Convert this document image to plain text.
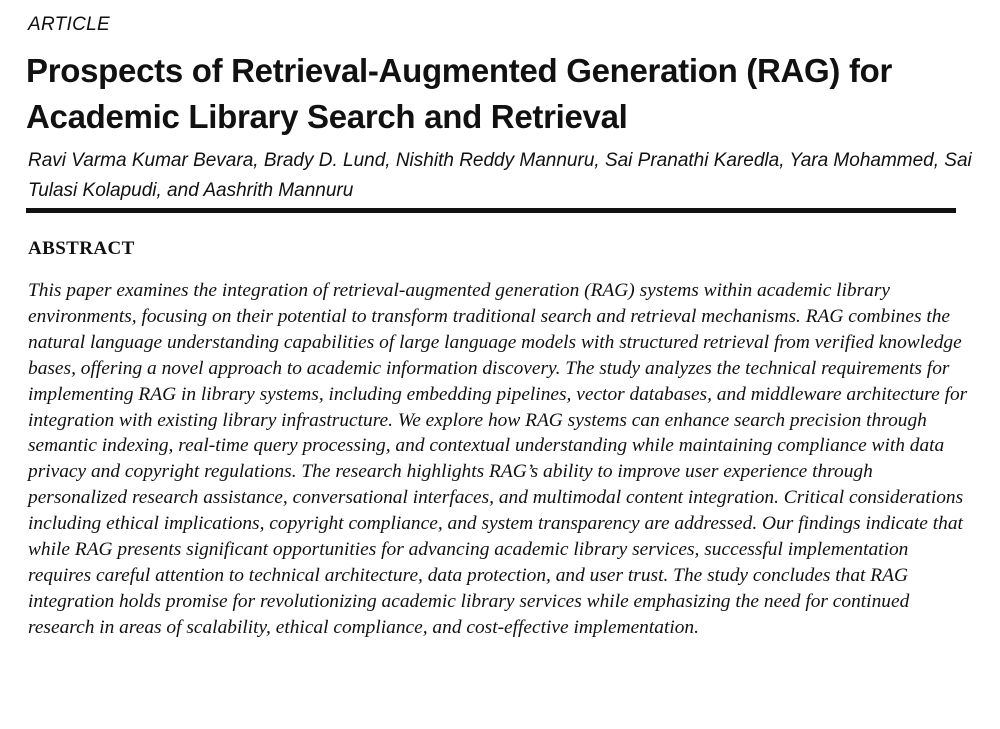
ARTICLE
Prospects of Retrieval-Augmented Generation (RAG) for Academic Library Search and Retrieval
Ravi Varma Kumar Bevara, Brady D. Lund, Nishith Reddy Mannuru, Sai Pranathi Karedla, Yara Mohammed, Sai Tulasi Kolapudi, and Aashrith Mannuru
ABSTRACT

This paper examines the integration of retrieval-augmented generation (RAG) systems within academic library environments, focusing on their potential to transform traditional search and retrieval mechanisms. RAG combines the natural language understanding capabilities of large language models with structured retrieval from verified knowledge bases, offering a novel approach to academic information discovery. The study analyzes the technical requirements for implementing RAG in library systems, including embedding pipelines, vector databases, and middleware architecture for integration with existing library infrastructure. We explore how RAG systems can enhance search precision through semantic indexing, real-time query processing, and contextual understanding while maintaining compliance with data privacy and copyright regulations. The research highlights RAG’s ability to improve user experience through personalized research assistance, conversational interfaces, and multimodal content integration. Critical considerations including ethical implications, copyright compliance, and system transparency are addressed. Our findings indicate that while RAG presents significant opportunities for advancing academic library services, successful implementation requires careful attention to technical architecture, data protection, and user trust. The study concludes that RAG integration holds promise for revolutionizing academic library services while emphasizing the need for continued research in areas of scalability, ethical compliance, and cost-effective implementation.
